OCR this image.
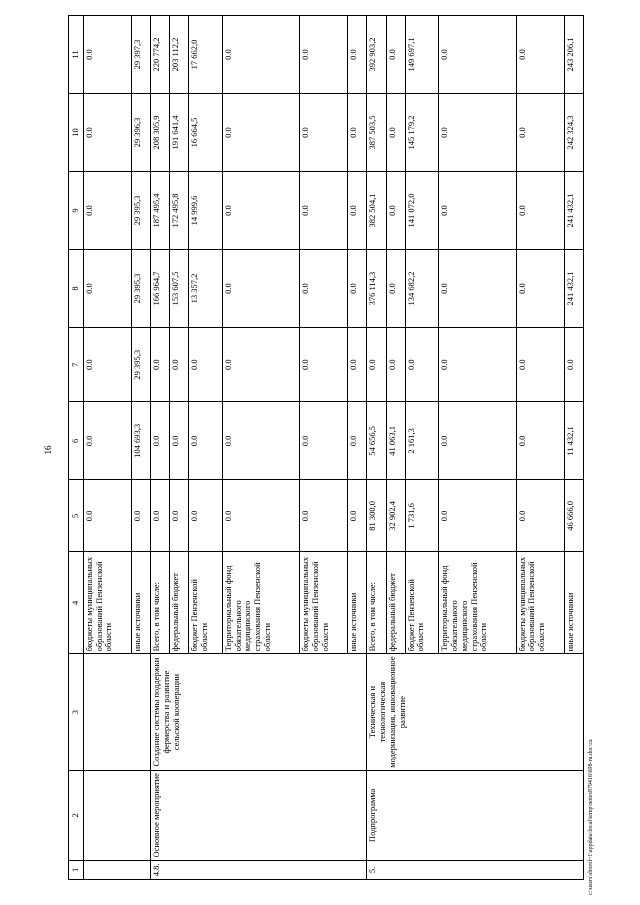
16
1	2	3	4	5	6	7	8	9	10	11
			бюджеты муниципальных образований Пензенской области	0.0	0.0	0.0	0.0	0.0	0.0	0.0
			иные источники	0.0	104 693,3	29 395,3	29 395,3	29 395,3	29 396,3	29 397,3
4.8.	Основное мероприятие	Создание системы поддержки фермерства и развитие сельской кооперации	Всего, в том числе:	0.0	0.0	0.0	166 964,7	187 495,4	208 305,9	220 774,2
			федеральный бюджет	0.0	0.0	0.0	153 607,5	172 495,8	191 641,4	203 112,2
			бюджет Пензенской области	0.0	0.0	0.0	13 357,2	14 999,6	16 664,5	17 662,0
			Территориальный фонд обязательного медицинского страхования Пензенской области	0.0	0.0	0.0	0.0	0.0	0.0	0.0
			бюджеты муниципальных образований Пензенской области	0.0	0.0	0.0	0.0	0.0	0.0	0.0
			иные источники	0.0	0.0	0.0	0.0	0.0	0.0	0.0
5.	Подпрограмма	Техническая и технологическая модернизация, инновационное развитие	Всего, в том числе:	81 300,0	54 656,5	0.0	376 114,3	382 504,1	387 503,5	392 903,2
			федеральный бюджет	32 902,4	41 063,1	0.0	0.0	0.0	0.0	0.0
			бюджет Пензенской области	1 731,6	2 161,3	0.0	134 682,2	141 072,0	145 179,2	149 697,1
			Территориальный фонд обязательного медицинского страхования Пензенской области	0.0	0.0	0.0	0.0	0.0	0.0	0.0
			бюджеты муниципальных образований Пензенской области	0.0	0.0	0.0	0.0	0.0	0.0	0.0
			иные источники	46 666,0	11 432,1	0.0	241 432,1	241 432,1	242 324,3	243 206,1
c:\users\sborol~1\appdata\local\temp\notes879416\608-ru.doc\ca
